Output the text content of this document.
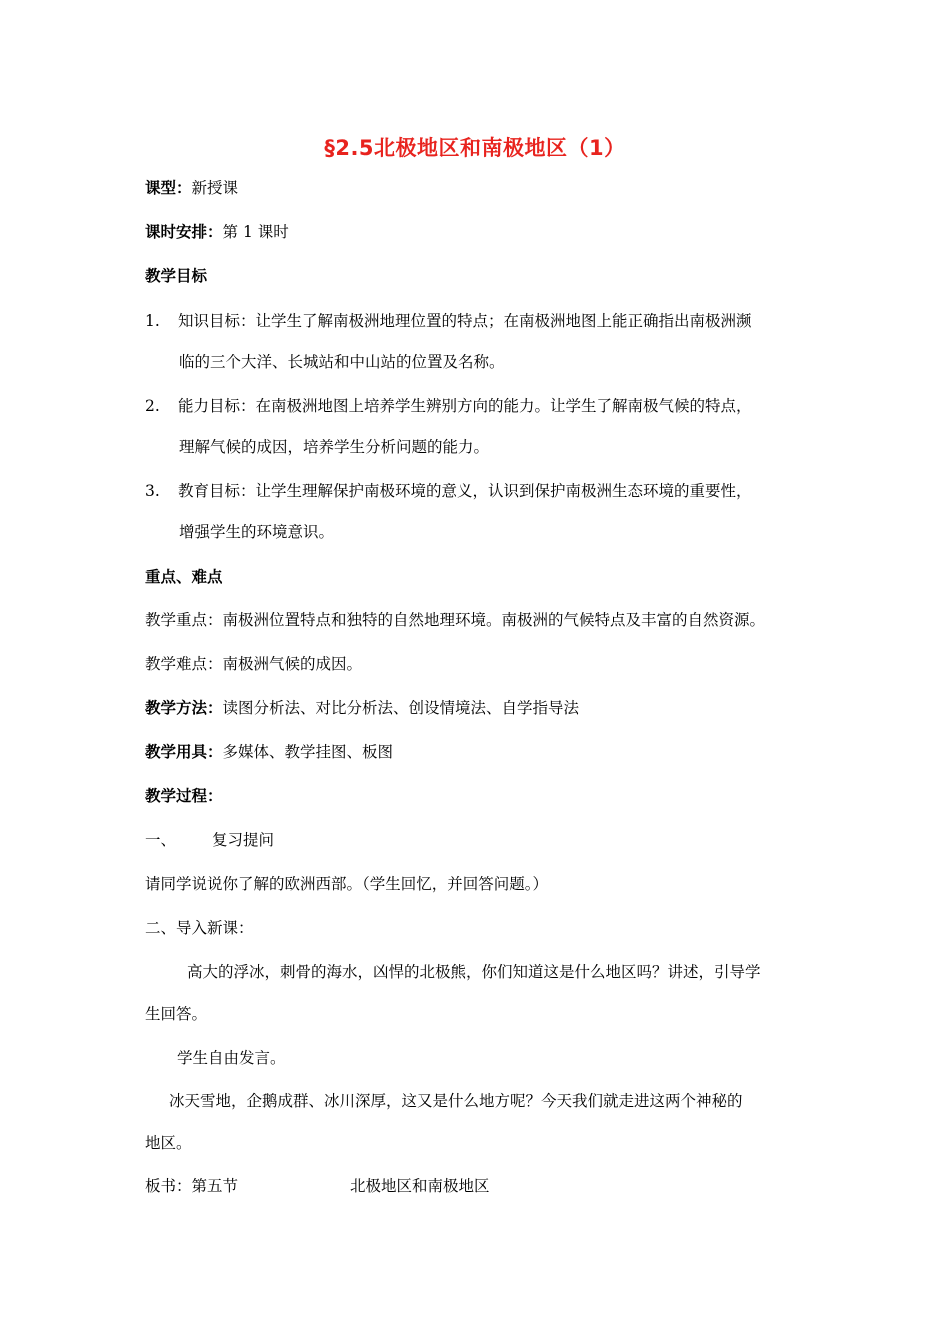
§2.5北极地区和南极地区（1）
课型：新授课
课时安排：第 1 课时
教学目标
1. 知识目标：让学生了解南极洲地理位置的特点；在南极洲地图上能正确指出南极洲濒
临的三个大洋、长城站和中山站的位置及名称。
2. 能力目标：在南极洲地图上培养学生辨别方向的能力。让学生了解南极气候的特点，
理解气候的成因，培养学生分析问题的能力。
3. 教育目标：让学生理解保护南极环境的意义，认识到保护南极洲生态环境的重要性，
增强学生的环境意识。
重点、难点
教学重点：南极洲位置特点和独特的自然地理环境。南极洲的气候特点及丰富的自然资源。
教学难点：南极洲气候的成因。
教学方法：读图分析法、对比分析法、创设情境法、自学指导法
教学用具：多媒体、教学挂图、板图
教学过程：
一、 复习提问
请同学说说你了解的欧洲西部。（学生回忆，并回答问题。）
二、导入新课：
高大的浮冰，刺骨的海水，凶悍的北极熊，你们知道这是什么地区吗？讲述，引导学
生回答。
学生自由发言。
冰天雪地，企鹅成群、冰川深厚，这又是什么地方呢？今天我们就走进这两个神秘的
地区。
板书：第五节	北极地区和南极地区
